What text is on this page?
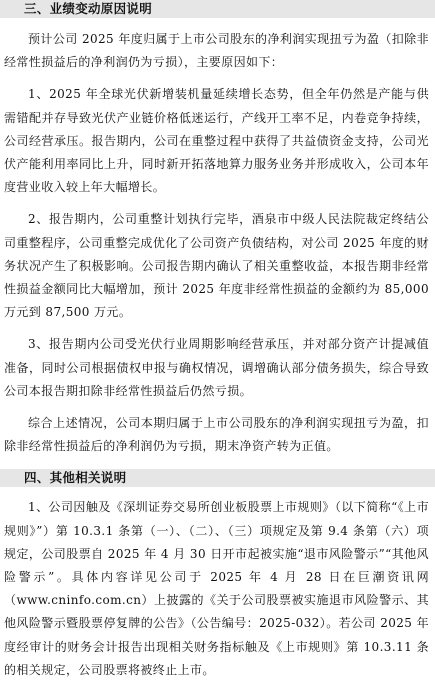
三、业绩变动原因说明

预计公司 2025 年度归属于上市公司股东的净利润实现扭亏为盈（扣除非经常性损益后的净利润仍为亏损），主要原因如下：

1、2025 年全球光伏新增装机量延续增长态势，但全年仍然是产能与供需错配并存导致光伏产业链价格低迷运行，产线开工率不足，内卷竞争持续，公司经营承压。报告期内，公司在重整过程中获得了共益债资金支持，公司光伏产能利用率同比上升，同时新开拓落地算力服务业务并形成收入，公司本年度营业收入较上年大幅增长。

2、报告期内，公司重整计划执行完毕，酒泉市中级人民法院裁定终结公司重整程序，公司重整完成优化了公司资产负债结构，对公司 2025 年度的财务状况产生了积极影响。公司报告期内确认了相关重整收益，本报告期非经常性损益金额同比大幅增加，预计 2025 年度非经常性损益的金额约为 85,000 万元到 87,500 万元。

3、报告期内公司受光伏行业周期影响经营承压，并对部分资产计提减值准备，同时公司根据债权申报与确权情况，调增确认部分债务损失，综合导致公司本报告期扣除非经常性损益后仍然亏损。

综合上述情况，公司本期归属于上市公司股东的净利润实现扭亏为盈，扣除非经常性损益后的净利润仍为亏损，期末净资产转为正值。

四、其他相关说明

1、公司因触及《深圳证券交易所创业板股票上市规则》（以下简称“《上市规则》”）第 10.3.1 条第（一）、（二）、（三）项规定及第 9.4 条第（六）项规定，公司股票自 2025 年 4 月 30 日开市起被实施“退市风险警示”“其他风险警示”。具体内容详见公司于 2025 年 4 月 28 日在巨潮资讯网（www.cninfo.com.cn）上披露的《关于公司股票被实施退市风险警示、其他风险警示暨股票停复牌的公告》（公告编号：2025-032）。若公司 2025 年度经审计的财务会计报告出现相关财务指标触及《上市规则》第 10.3.11 条的相关规定，公司股票将被终止上市。
